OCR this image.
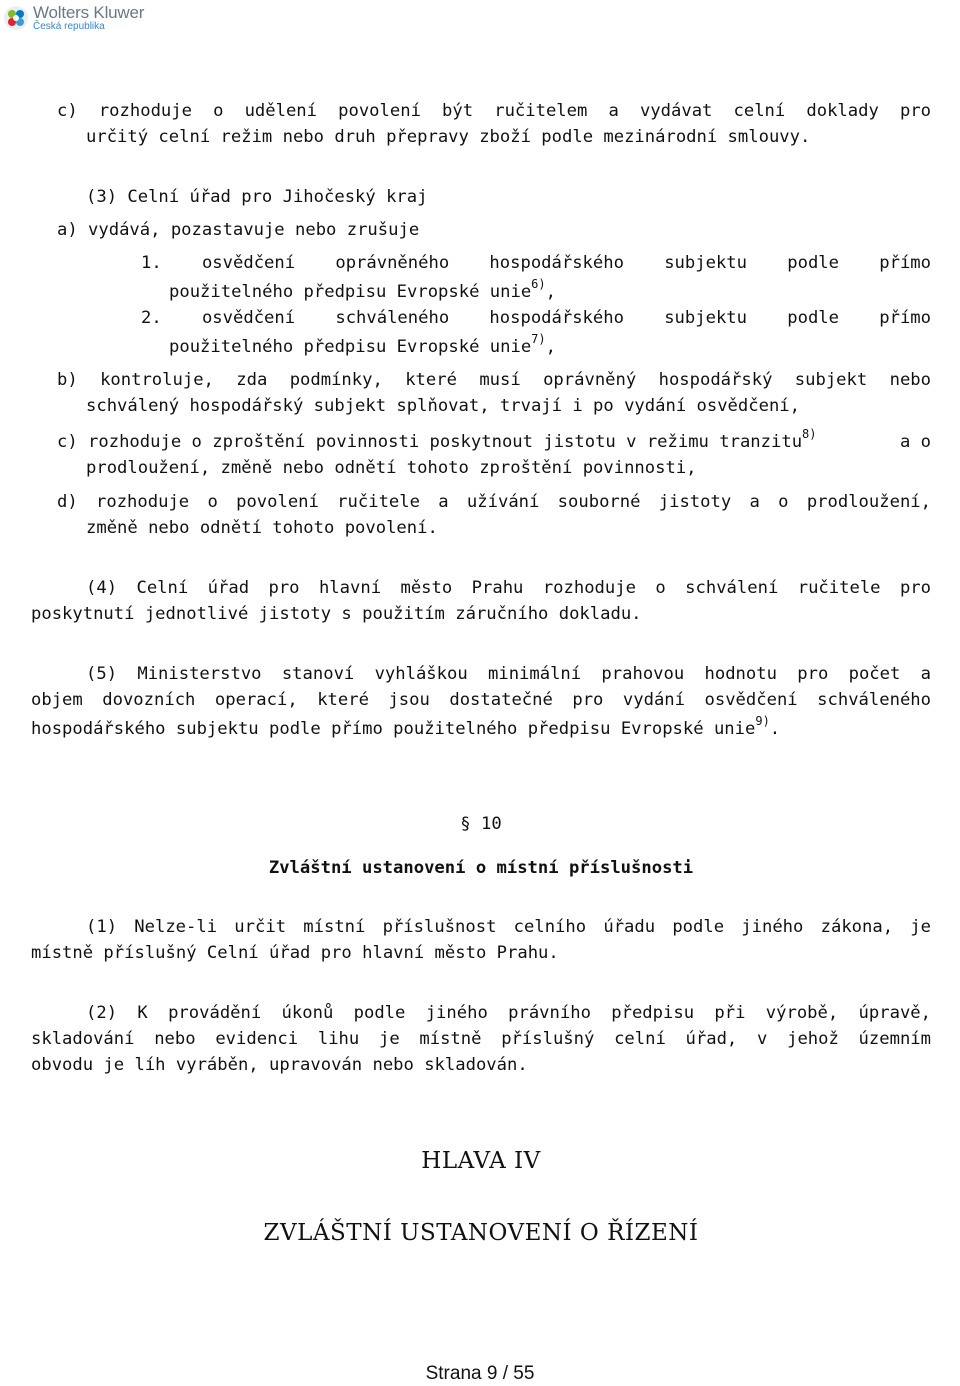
Wolters Kluwer
Česká republika
c) rozhoduje o udělení povolení být ručitelem a vydávat celní doklady pro
určitý celní režim nebo druh přepravy zboží podle mezinárodní smlouvy.
(3) Celní úřad pro Jihočeský kraj
a) vydává, pozastavuje nebo zrušuje
1. osvědčení oprávněného hospodářského subjektu podle přímo
použitelného předpisu Evropské unie$^{6)}$,
2. osvědčení schváleného hospodářského subjektu podle přímo
použitelného předpisu Evropské unie$^{7)}$,
b) kontroluje, zda podmínky, které musí oprávněný hospodářský subjekt nebo
schválený hospodářský subjekt splňovat, trvají i po vydání osvědčení,
c) rozhoduje o zproštění povinnosti poskytnout jistotu v režimu tranzitu$^{8)}$	a o
prodloužení, změně nebo odnětí tohoto zproštění povinnosti,
d) rozhoduje o povolení ručitele a užívání souborné jistoty a o prodloužení,
změně nebo odnětí tohoto povolení.
(4) Celní úřad pro hlavní město Prahu rozhoduje o schválení ručitele pro
poskytnutí jednotlivé jistoty s použitím záručního dokladu.
(5) Ministerstvo stanoví vyhláškou minimální prahovou hodnotu pro počet a
objem dovozních operací, které jsou dostatečné pro vydání osvědčení schváleného
hospodářského subjektu podle přímo použitelného předpisu Evropské unie$^{9)}$.
§ 10
Zvláštní ustanovení o místní příslušnosti
(1) Nelze-li určit místní příslušnost celního úřadu podle jiného zákona, je
místně příslušný Celní úřad pro hlavní město Prahu.
(2) K provádění úkonů podle jiného právního předpisu při výrobě, úpravě,
skladování nebo evidenci lihu je místně příslušný celní úřad, v jehož územním
obvodu je líh vyráběn, upravován nebo skladován.
HLAVA IV
ZVLÁŠTNÍ USTANOVENÍ O ŘÍZENÍ
Strana 9 / 55
